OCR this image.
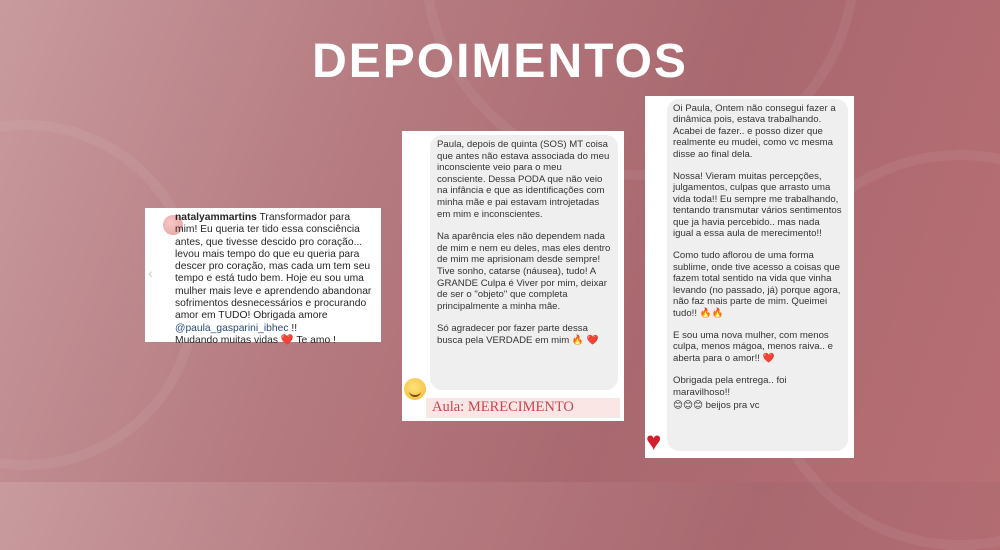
DEPOIMENTOS
‹
natalyammartins Transformador para mim! Eu queria ter tido essa consciência antes, que tivesse descido pro coração... levou mais tempo do que eu queria para descer pro coração, mas cada um tem seu tempo e está tudo bem. Hoje eu sou uma mulher mais leve e aprendendo abandonar sofrimentos desnecessários e procurando amor em TUDO! Obrigada amore @paula_gasparini_ibhec !!
Mudando muitas vidas ❤️ Te amo !

Paula, depois de quinta (SOS) MT coisa que antes não estava associada do meu inconsciente veio para o meu consciente. Dessa PODA que não veio na infância e que as identificações com minha mãe e pai estavam introjetadas em mim e inconscientes.

Na aparência eles não dependem nada de mim e nem eu deles, mas eles dentro de mim me aprisionam desde sempre! Tive sonho, catarse (náusea), tudo! A GRANDE Culpa é Viver por mim, deixar de ser o "objeto" que completa principalmente a minha mãe.

Só agradecer por fazer parte dessa busca pela VERDADE em mim 🔥 ❤️

Aula: MERECIMENTO

Oi Paula, Ontem não consegui fazer a dinâmica pois, estava trabalhando. Acabei de fazer.. e posso dizer que realmente eu mudei, como vc mesma disse ao final dela.

Nossa! Vieram muitas percepções, julgamentos, culpas que arrasto uma vida toda!! Eu sempre me trabalhando, tentando transmutar vários sentimentos que ja havia percebido.. mas nada igual a essa aula de merecimento!!

Como tudo aflorou de uma forma sublime, onde tive acesso a coisas que fazem total sentido na vida que vinha levando (no passado, já) porque agora, não faz mais parte de mim. Queimei tudo!! 🔥🔥

E sou uma nova mulher, com menos culpa, menos mágoa, menos raiva.. e aberta para o amor!! ❤️

Obrigada pela entrega.. foi maravilhoso!!

😊😊😊 beijos pra vc

♥
